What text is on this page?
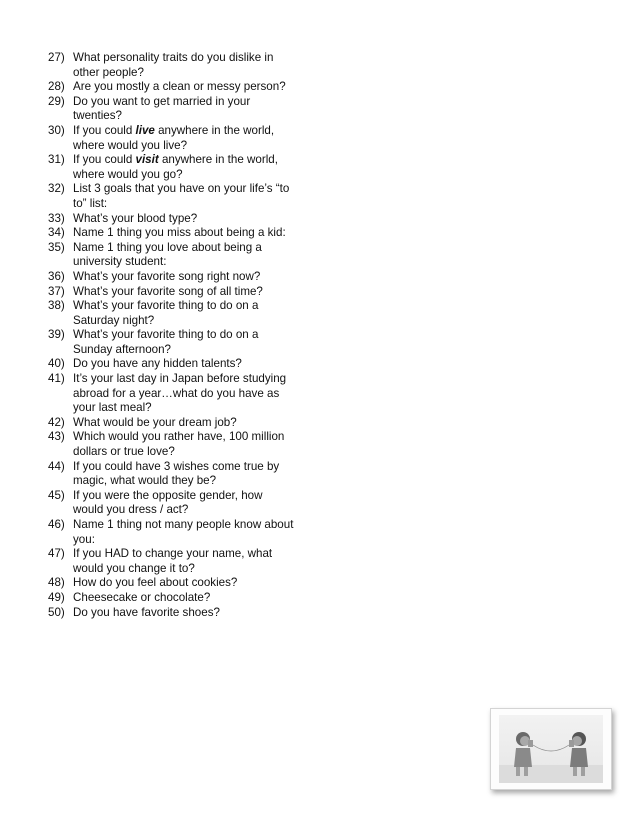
27) What personality traits do you dislike in
other people?
28) Are you mostly a clean or messy person?
29) Do you want to get married in your
twenties?
30) If you could live anywhere in the world,
where would you live?
31) If you could visit anywhere in the world,
where would you go?
32) List 3 goals that you have on your life’s “to
to” list:
33) What’s your blood type?
34) Name 1 thing you miss about being a kid:
35) Name 1 thing you love about being a
university student:
36) What’s your favorite song right now?
37) What’s your favorite song of all time?
38) What’s your favorite thing to do on a
Saturday night?
39) What’s your favorite thing to do on a
Sunday afternoon?
40) Do you have any hidden talents?
41) It’s your last day in Japan before studying
abroad for a year…what do you have as
your last meal?
42) What would be your dream job?
43) Which would you rather have, 100 million
dollars or true love?
44) If you could have 3 wishes come true by
magic, what would they be?
45) If you were the opposite gender, how
would you dress / act?
46) Name 1 thing not many people know about
you:
47) If you HAD to change your name, what
would you change it to?
48) How do you feel about cookies?
49) Cheesecake or chocolate?
50) Do you have favorite shoes?
